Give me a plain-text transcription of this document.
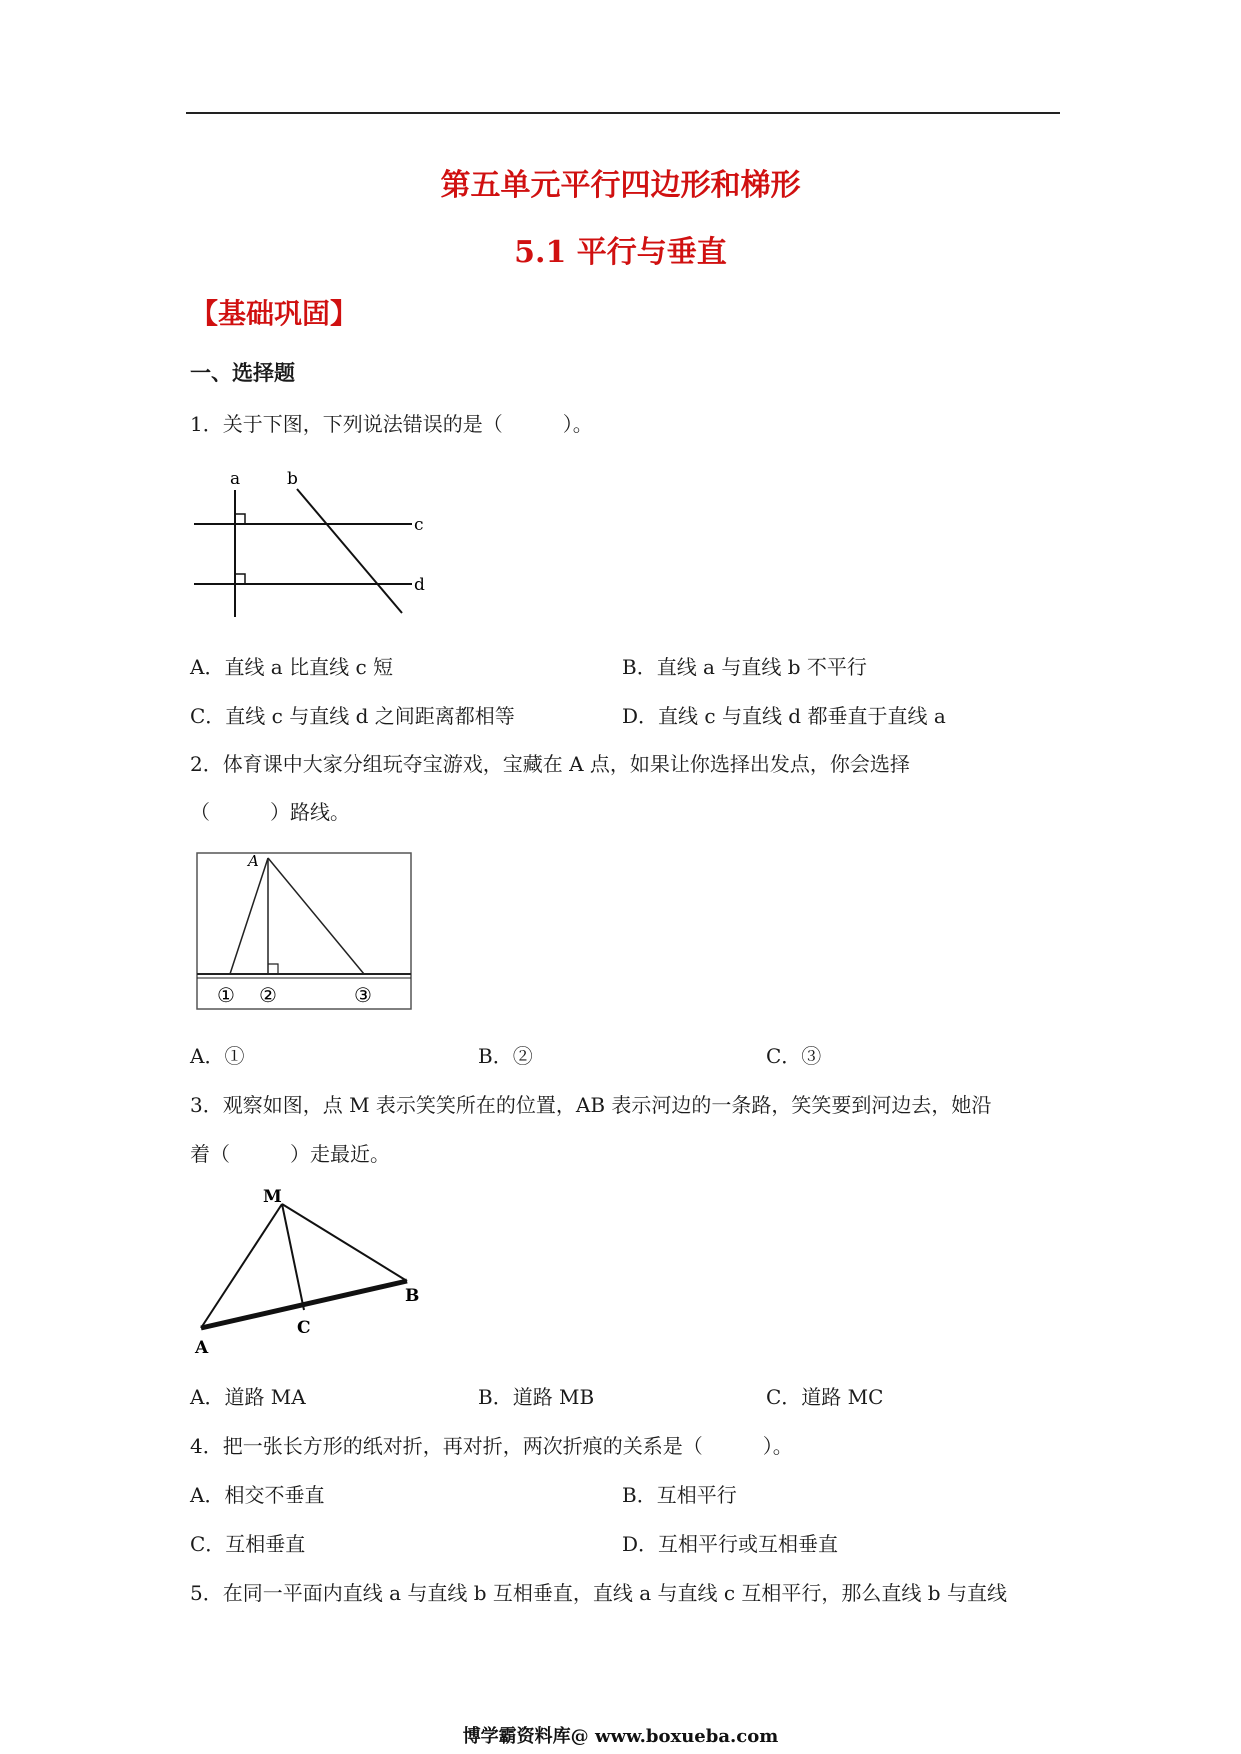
第五单元平行四边形和梯形
5.1 平行与垂直
【基础巩固】
一、选择题
1．关于下图，下列说法错误的是（　　　）。
a	b
c
d
A．直线 a 比直线 c 短	B．直线 a 与直线 b 不平行
C．直线 c 与直线 d 之间距离都相等	D．直线 c 与直线 d 都垂直于直线 a
2．体育课中大家分组玩夺宝游戏，宝藏在 A 点，如果让你选择出发点，你会选择
（　　　）路线。
A
① ②	③
A．①	B．②	C．③
3．观察如图，点 M 表示笑笑所在的位置，AB 表示河边的一条路，笑笑要到河边去，她沿
着（　　　）走最近。
M
B
C
A
A．道路 MA	B．道路 MB	C．道路 MC
4．把一张长方形的纸对折，再对折，两次折痕的关系是（　　　）。
A．相交不垂直	B．互相平行
C．互相垂直	D．互相平行或互相垂直
5．在同一平面内直线 a 与直线 b 互相垂直，直线 a 与直线 c 互相平行，那么直线 b 与直线
博学霸资料库@ www.boxueba.com
